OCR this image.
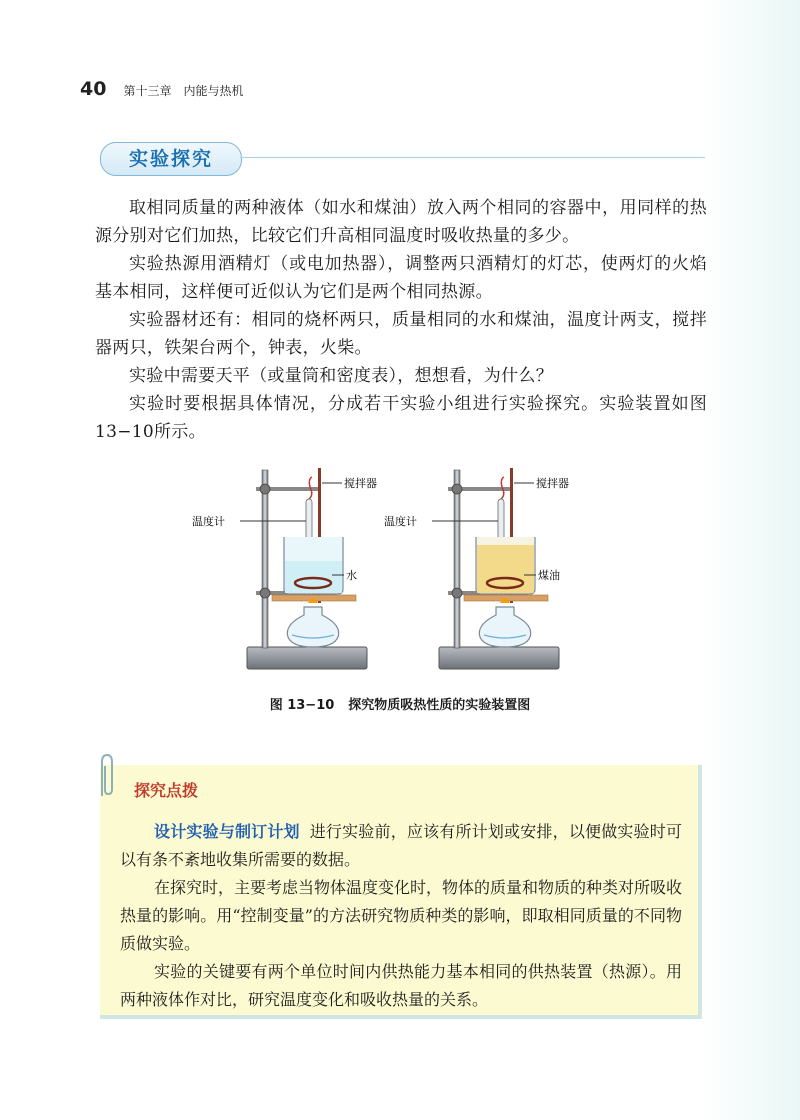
40 第十三章　内能与热机
实验探究

取相同质量的两种液体（如水和煤油）放入两个相同的容器中，用同样的热源分别对它们加热，比较它们升高相同温度时吸收热量的多少。

实验热源用酒精灯（或电加热器），调整两只酒精灯的灯芯，使两灯的火焰基本相同，这样便可近似认为它们是两个相同热源。

实验器材还有：相同的烧杯两只，质量相同的水和煤油，温度计两支，搅拌器两只，铁架台两个，钟表，火柴。

实验中需要天平（或量筒和密度表），想想看，为什么？

实验时要根据具体情况，分成若干实验小组进行实验探究。实验装置如图13−10所示。

搅拌器
温度计
水
搅拌器
温度计
煤油
图 13−10 探究物质吸热性质的实验装置图
探究点拨

设计实验与制订计划 进行实验前，应该有所计划或安排，以便做实验时可以有条不紊地收集所需要的数据。

在探究时，主要考虑当物体温度变化时，物体的质量和物质的种类对所吸收热量的影响。用“控制变量”的方法研究物质种类的影响，即取相同质量的不同物质做实验。

实验的关键要有两个单位时间内供热能力基本相同的供热装置（热源）。用两种液体作对比，研究温度变化和吸收热量的关系。
